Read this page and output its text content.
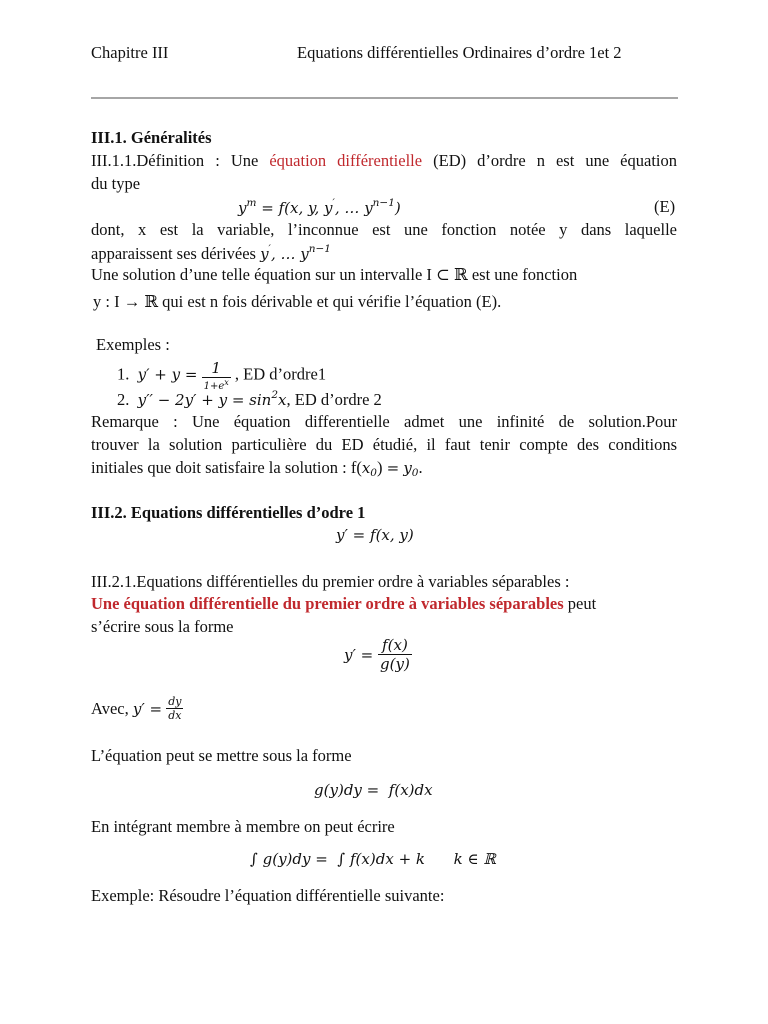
Chapitre III	Equations différentielles Ordinaires d’ordre 1et 2
III.1. Généralités
III.1.1.Définition : Une équation différentielle (ED) d’ordre n est une équation
du type
$y^m = f(x$, y, y′, … $y^{n-1}$)	(E)
dont, x est la variable, l’inconnue est une fonction notée y dans laquelle
apparaissent ses dérivées y′, … $y^{n-1}$
Une solution d’une telle équation sur un intervalle I ⊂ ℝ est une fonction
y : I → ℝ qui est n fois dérivable et qui vérifie l’équation (E).
Exemples :
1. $y' + y = \frac{1}{1+e^x}$ , ED d’ordre1
2. $y'' - 2y' + y = \sin^2x$, ED d’ordre 2
Remarque : Une équation differentielle admet une infinité de solution.Pour
trouver la solution particulière du ED étudié, il faut tenir compte des conditions
initiales que doit satisfaire la solution : $f(x_0) = y_0$.
III.2. Equations différentielles d’odre 1
y′ = f(x, y)
III.2.1.Equations différentielles du premier ordre à variables séparables :
Une équation différentielle du premier ordre à variables séparables peut
s’écrire sous la forme
$y' = \frac{f(x)}{g(y)}$
Avec, $y' = \frac{dy}{dx}$
L’équation peut se mettre sous la forme
g(y)dy =  f(x)dx
En intégrant membre à membre on peut écrire
∫ g(y)dy = ∫ f(x)dx + k      k ∈ ℝ
Exemple: Résoudre l’équation différentielle suivante:
